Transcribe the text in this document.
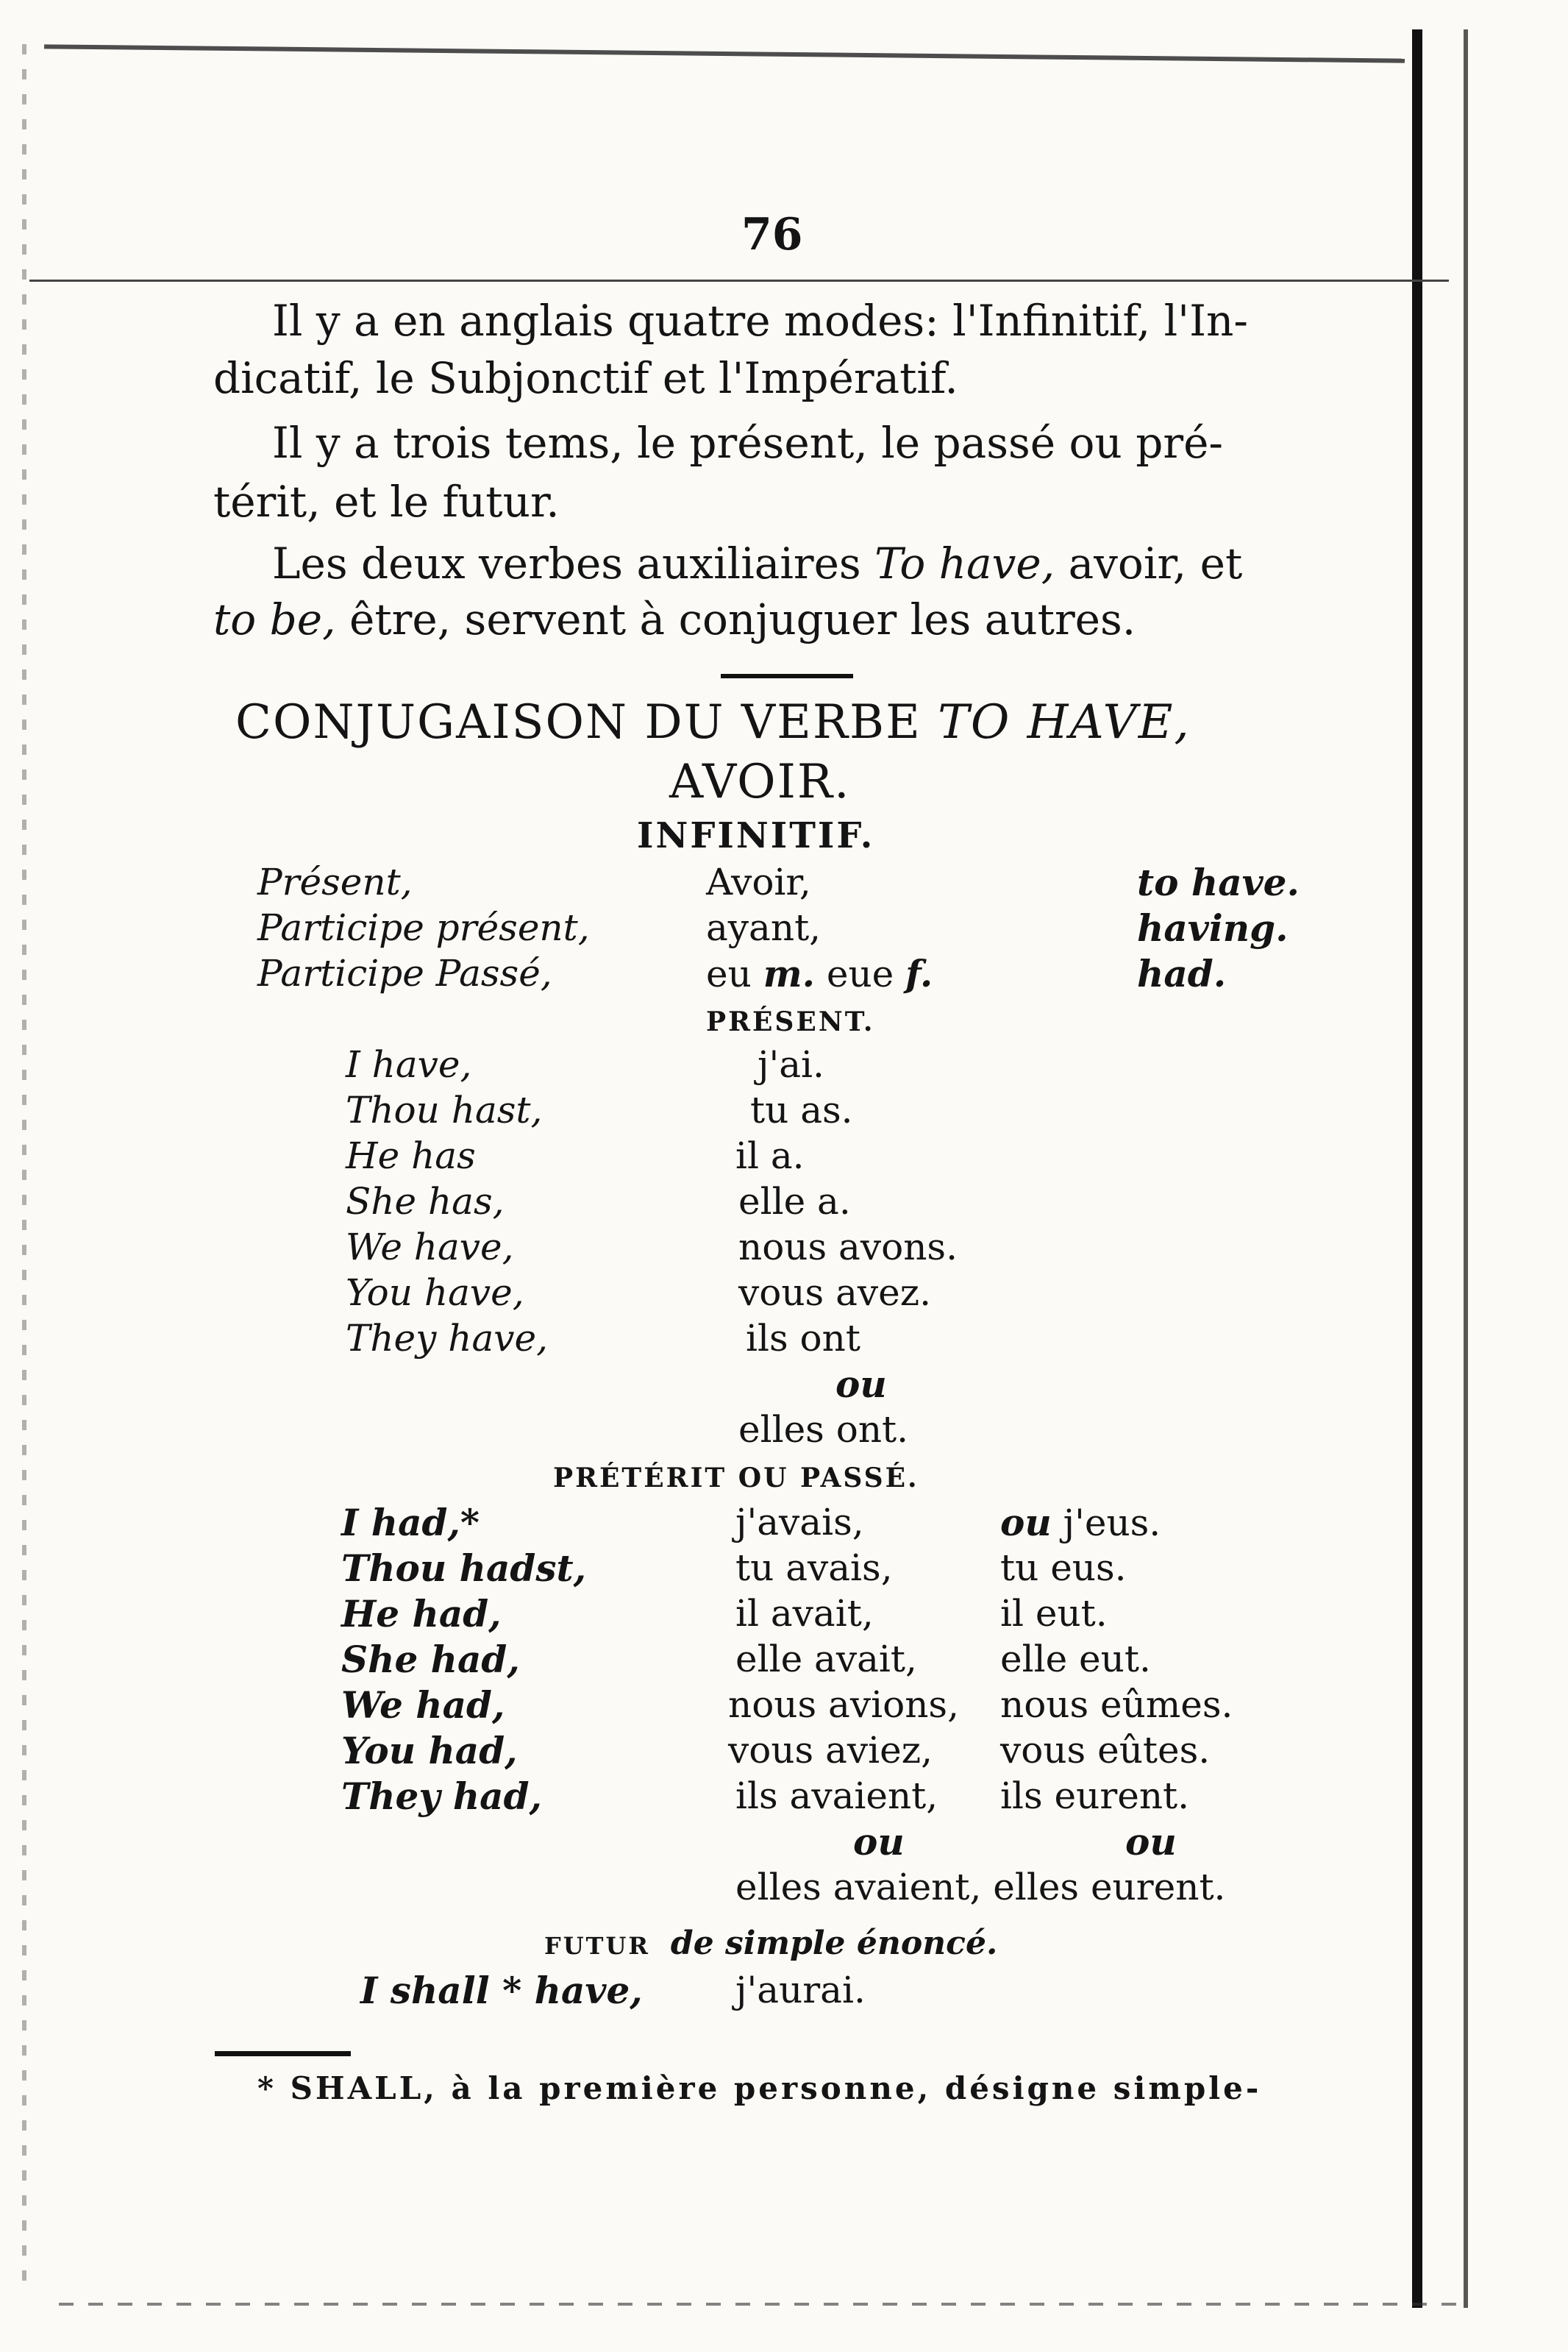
76
Il y a en anglais quatre modes: l'Infinitif, l'In-
dicatif, le Subjonctif et l'Impératif.
Il y a trois tems, le présent, le passé ou pré-
térit, et le futur.
Les deux verbes auxiliaires To have, avoir, et
to be, être, servent à conjuguer les autres.
CONJUGAISON DU VERBE TO HAVE,
AVOIR.
INFINITIF.
Présent,	Avoir,	to have.
Participe présent,	ayant,	having.
Participe Passé,	eu m. eue f.	had.
PRÉSENT.
I have,	j'ai.
Thou hast,	tu as.
He has	il a.
She has,	elle a.
We have,	nous avons.
You have,	vous avez.
They have,	ils ont
ou
elles ont.
PRÉTÉRIT OU PASSÉ.
I had,*	j'avais,	ou j'eus.
Thou hadst,	tu avais,	tu eus.
He had,	il avait,	il eut.
She had,	elle avait, elle eut.
We had,	nous avions, nous eûmes.
You had,	vous aviez, vous eûtes.
They had,	ils avaient, ils eurent.
ou	ou
elles avaient, elles eurent.
FUTUR de simple énoncé.
I shall * have,	j'aurai.
* SHALL, à la première personne, désigne simple-
